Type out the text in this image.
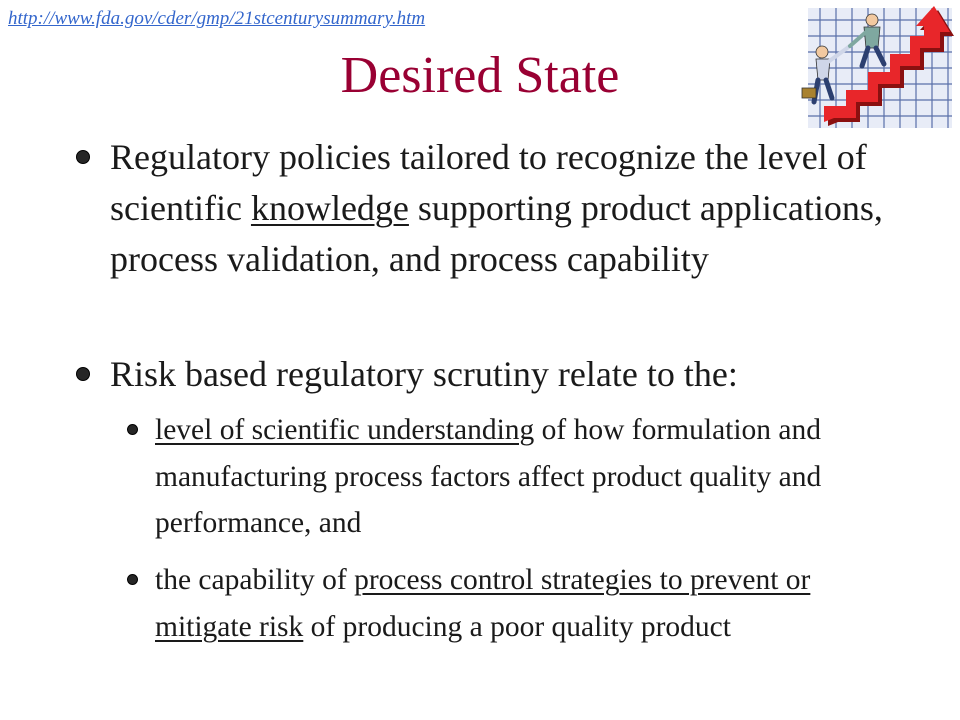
http://www.fda.gov/cder/gmp/21stcenturysummary.htm
Desired State
Regulatory policies tailored to recognize the level of scientific knowledge supporting product applications, process validation, and process capability
Risk based regulatory scrutiny relate to the:
level of scientific understanding of how formulation and manufacturing process factors affect product quality and performance, and
the capability of process control strategies to prevent or mitigate risk of producing a poor quality product
